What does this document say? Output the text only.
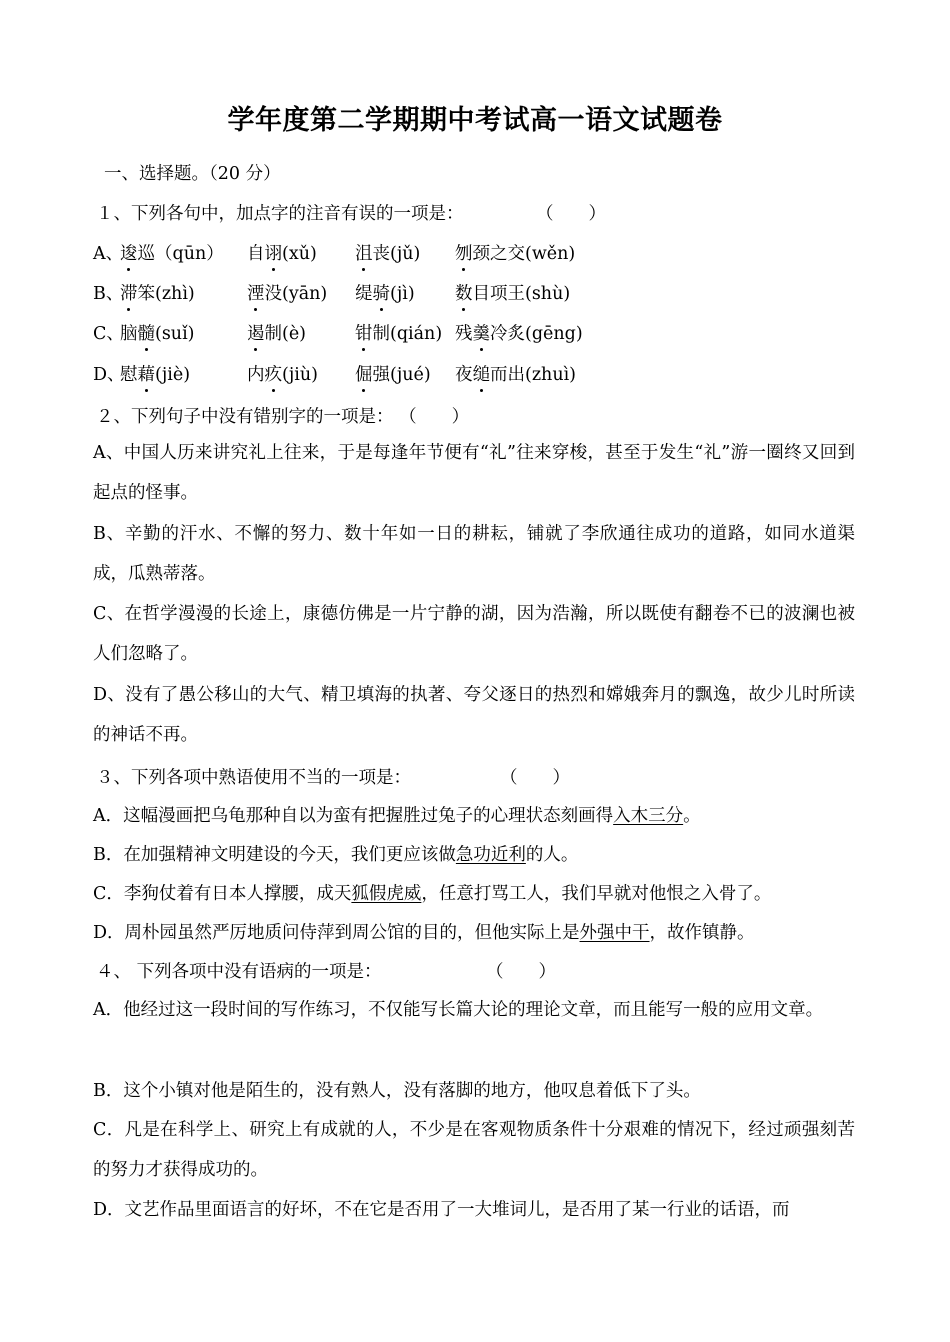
学年度第二学期期中考试高一语文试题卷
一、选择题。（20 分）
１、下列各句中，加点字的注音有误的一项是：	（　　）
A、
逡巡（qūn） 自诩(xǔ) 沮丧(jǔ) 刎颈之交(wěn)
B、
滞笨(zhì)	湮没(yān) 缇骑(jì) 数目项王(shù)
C、
脑髓(suǐ)	遏制(è)	钳制(qián) 残羹冷炙(gēng)
D、
慰藉(jiè)	内疚(jiù) 倔强(jué) 夜缒而出(zhuì)
２、下列句子中没有错别字的一项是： （　　）
A、中国人历来讲究礼上往来，于是每逢年节便有“礼”往来穿梭，甚至于发生“礼”游一圈终又回到起点的怪事。
B、辛勤的汗水、不懈的努力、数十年如一日的耕耘，铺就了李欣通往成功的道路，如同水道渠成，瓜熟蒂落。
C、在哲学漫漫的长途上，康德仿佛是一片宁静的湖，因为浩瀚，所以既使有翻卷不已的波澜也被人们忽略了。
D、没有了愚公移山的大气、精卫填海的执著、夸父逐日的热烈和嫦娥奔月的飘逸，故少儿时所读的神话不再。
３、下列各项中熟语使用不当的一项是：	（　　）
A．这幅漫画把乌龟那种自以为蛮有把握胜过兔子的心理状态刻画得入木三分。
B．在加强精神文明建设的今天，我们更应该做急功近利的人。
C．李狗仗着有日本人撑腰，成天狐假虎威，任意打骂工人，我们早就对他恨之入骨了。
D．周朴园虽然严厉地质问侍萍到周公馆的目的，但他实际上是外强中干，故作镇静。
４、 下列各项中没有语病的一项是：	（　　）
A．他经过这一段时间的写作练习，不仅能写长篇大论的理论文章，而且能写一般的应用文章。
B．这个小镇对他是陌生的，没有熟人，没有落脚的地方，他叹息着低下了头。
C．凡是在科学上、研究上有成就的人，不少是在客观物质条件十分艰难的情况下，经过顽强刻苦的努力才获得成功的。
D．文艺作品里面语言的好坏，不在它是否用了一大堆词儿，是否用了某一行业的话语，而
